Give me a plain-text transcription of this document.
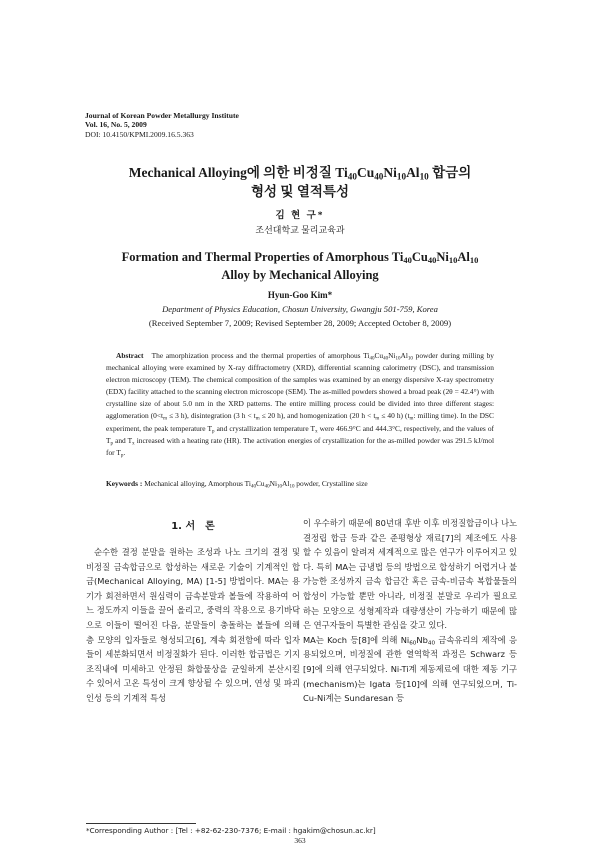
Journal of Korean Powder Metallurgy Institute
Vol. 16, No. 5, 2009
DOI: 10.4150/KPMI.2009.16.5.363
Mechanical Alloying에 의한 비정질 $Ti_{40}Cu_{40}Ni_{10}Al_{10}$ 합금의
형성 및 열적특성
김 현 구*
조선대학교 물리교육과
Formation and Thermal Properties of Amorphous $Ti_{40}Cu_{40}Ni_{10}Al_{10}$
Alloy by Mechanical Alloying
Hyun-Goo Kim*
Department of Physics Education, Chosun University, Gwangju 501-759, Korea
(Received September 7, 2009; Revised September 28, 2009; Accepted October 8, 2009)
Abstract The amorphization process and the thermal properties of amorphous $Ti_{40}Cu_{40}Ni_{10}Al_{10}$ powder during milling by mechanical alloying were examined by X-ray diffractometry (XRD), differential scanning calorimetry (DSC), and transmission electron microscopy (TEM). The chemical composition of the samples was examined by an energy dispersive X-ray spectrometry (EDX) facility attached to the scanning electron microscope (SEM). The as-milled powders showed a broad peak (2θ = 42.4°) with crystalline size of about 5.0 nm in the XRD patterns. The entire milling process could be divided into three different stages: agglomeration ($0<t_m \le 3$ h), disintegration (3 $h < t_m \le 20$ h), and homogenization (20 $h < t_m \le 40$ h) ($t_m$: milling time). In the DSC experiment, the peak temperature $T_p$ and crystallization temperature $T_x$ were 466.9°C and 444.3°C, respectively, and the values of $T_p$ and $T_x$ increased with a heating rate (HR). The activation energies of crystallization for the as-milled powder was 291.5 kJ/mol for $T_p$.
Keywords : Mechanical alloying, Amorphous $Ti_{40}Cu_{40}Ni_{10}Al_{10}$ powder, Crystalline size
1. 서　론

순수한 결정 분말을 원하는 조성과 나노 크기의 결정 및 비정질 금속합금으로 합성하는 새로운 기술이 기계적인 합금(Mechanical Alloying, MA) [1-5] 방법이다. MA는 용기가 회전하면서 원심력이 금속분말과 볼들에 작용하여 어느 정도까지 이들을 끌어 올리고, 중력의 작용으로 용기바닥으로 이들이 떨어진 다음, 분말들이 충돌하는 볼들에 의해 층 모양의 입자들로 형성되고[6], 계속 회전함에 따라 입자들이 세분화되면서 비정질화가 된다. 이러한 합금법은 기지조직내에 미세하고 안정된 화합물상을 균일하게 분산시킬 수 있어서 고온 특성이 크게 향상될 수 있으며, 연성 및 파괴인성 등의 기계적 특성

이 우수하기 때문에 80년대 후반 이후 비정질합금이나 나노결정립 합금 등과 같은 준평형상 재료[7]의 제조에도 사용할 수 있음이 알려져 세계적으로 많은 연구가 이루어지고 있다. 특히 MA는 급냉법 등의 방법으로 합성하기 어렵거나 불가능한 조성까지 금속 합금간 혹은 금속-비금속 복합물들의 합성이 가능할 뿐만 아니라, 비정질 분말로 우리가 필요로 하는 모양으로 성형제작과 대량생산이 가능하기 때문에 많은 연구자들이 특별한 관심을 갖고 있다.

MA는 Koch 등[8]에 의해 $Ni_{60}Nb_{40}$ 금속유리의 제작에 응용되었으며, 비정질에 관한 열역학적 과정은 Schwarz 등[9]에 의해 연구되었다. Ni-Ti계 제동제료에 대한 제동 기구(mechanism)는 Igata 등[10]에 의해 연구되었으며, Ti-Cu-Ni계는 Sundaresan 등

*Corresponding Author : [Tel : +82-62-230-7376; E-mail : hgakim@chosun.ac.kr]
363
